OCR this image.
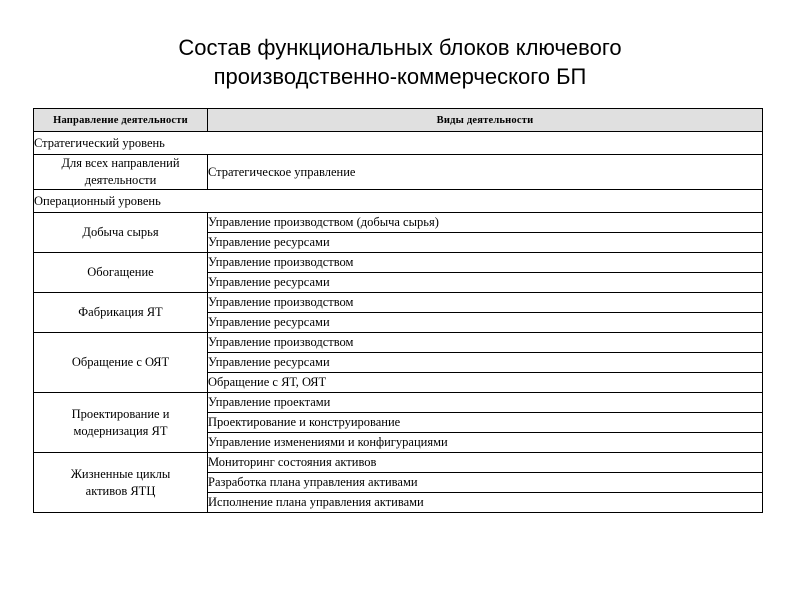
Состав функциональных блоков ключевого
производственно-коммерческого БП
Направление деятельности	Виды деятельности
Стратегический уровень	

Для всех направлений
деятельности	Стратегическое управление
Операционный уровень	

Добыча сырья	Управление производством (добыча сырья)
	Управление ресурсами

Обогащение	Управление производством
	Управление ресурсами

Фабрикация ЯТ	Управление производством
	Управление ресурсами

Обращение с ОЯТ	Управление производством
	Управление ресурсами
	Обращение с ЯТ, ОЯТ

Проектирование и
модернизация ЯТ	Управление проектами
	Проектирование и конструирование
	Управление изменениями и конфигурациями

Жизненные циклы
активов ЯТЦ	Мониторинг состояния активов
	Разработка плана управления активами
	Исполнение плана управления активами
